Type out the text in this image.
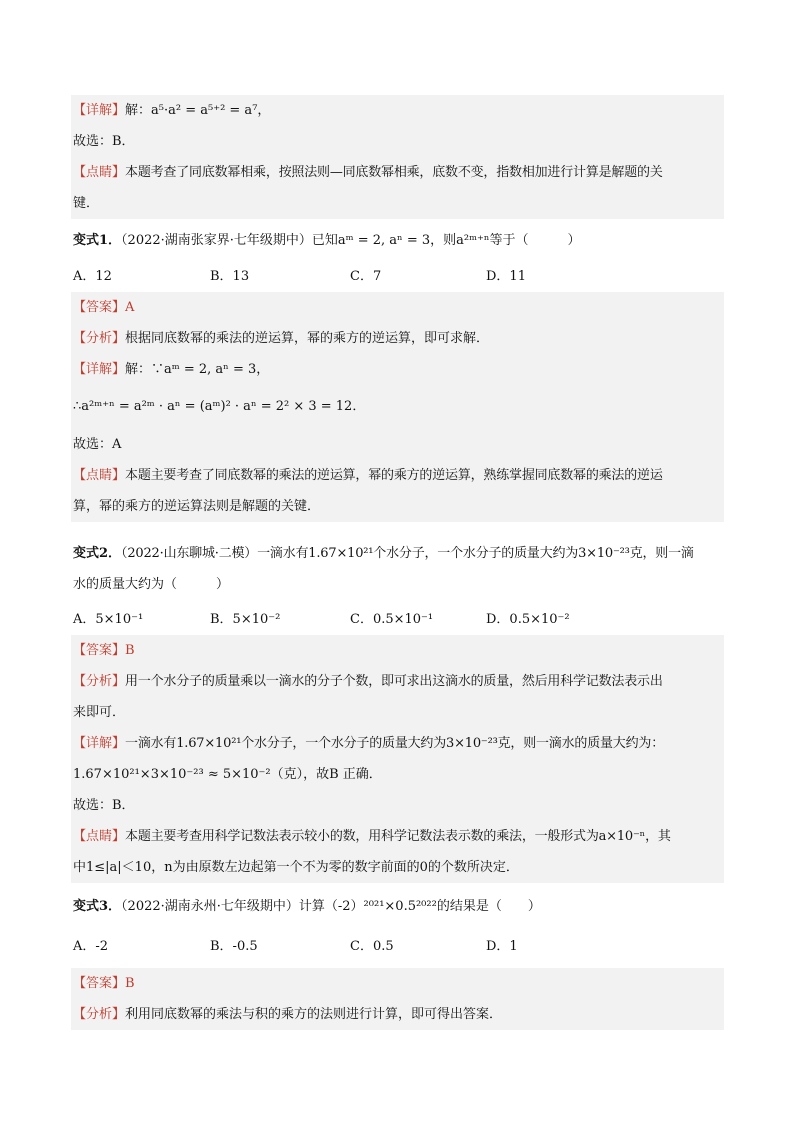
【详解】解：a⁵·a² = a⁵⁺² = a⁷，
故选：B．
【点睛】本题考查了同底数幂相乘，按照法则—同底数幂相乘，底数不变，指数相加进行计算是解题的关
键．
变式1．（2022·湖南张家界·七年级期中）已知aᵐ = 2, aⁿ = 3，则a²ᵐ⁺ⁿ等于（　　　）
A．12	B．13	C．7	D．11
【答案】A
【分析】根据同底数幂的乘法的逆运算，幂的乘方的逆运算，即可求解．
【详解】解：∵aᵐ = 2, aⁿ = 3，
∴a²ᵐ⁺ⁿ = a²ᵐ · aⁿ = (aᵐ)² · aⁿ = 2² × 3 = 12．
故选：A
【点睛】本题主要考查了同底数幂的乘法的逆运算，幂的乘方的逆运算，熟练掌握同底数幂的乘法的逆运
算，幂的乘方的逆运算法则是解题的关键．
变式2．（2022·山东聊城·二模）一滴水有1.67×10²¹个水分子，一个水分子的质量大约为3×10⁻²³克，则一滴
水的质量大约为（　　　）
A．5×10⁻¹	B．5×10⁻²	C．0.5×10⁻¹	D．0.5×10⁻²
【答案】B
【分析】用一个水分子的质量乘以一滴水的分子个数，即可求出这滴水的质量，然后用科学记数法表示出
来即可．
【详解】一滴水有1.67×10²¹个水分子，一个水分子的质量大约为3×10⁻²³克，则一滴水的质量大约为：
1.67×10²¹×3×10⁻²³ ≈ 5×10⁻²（克），故B 正确．
故选：B．
【点睛】本题主要考查用科学记数法表示较小的数，用科学记数法表示数的乘法，一般形式为a×10⁻ⁿ，其
中1≤|a|＜10，n为由原数左边起第一个不为零的数字前面的0的个数所决定．
变式3．（2022·湖南永州·七年级期中）计算（-2）²⁰²¹×0.5²⁰²²的结果是（　　）
A．-2	B．-0.5	C．0.5	D．1
【答案】B
【分析】利用同底数幂的乘法与积的乘方的法则进行计算，即可得出答案．
